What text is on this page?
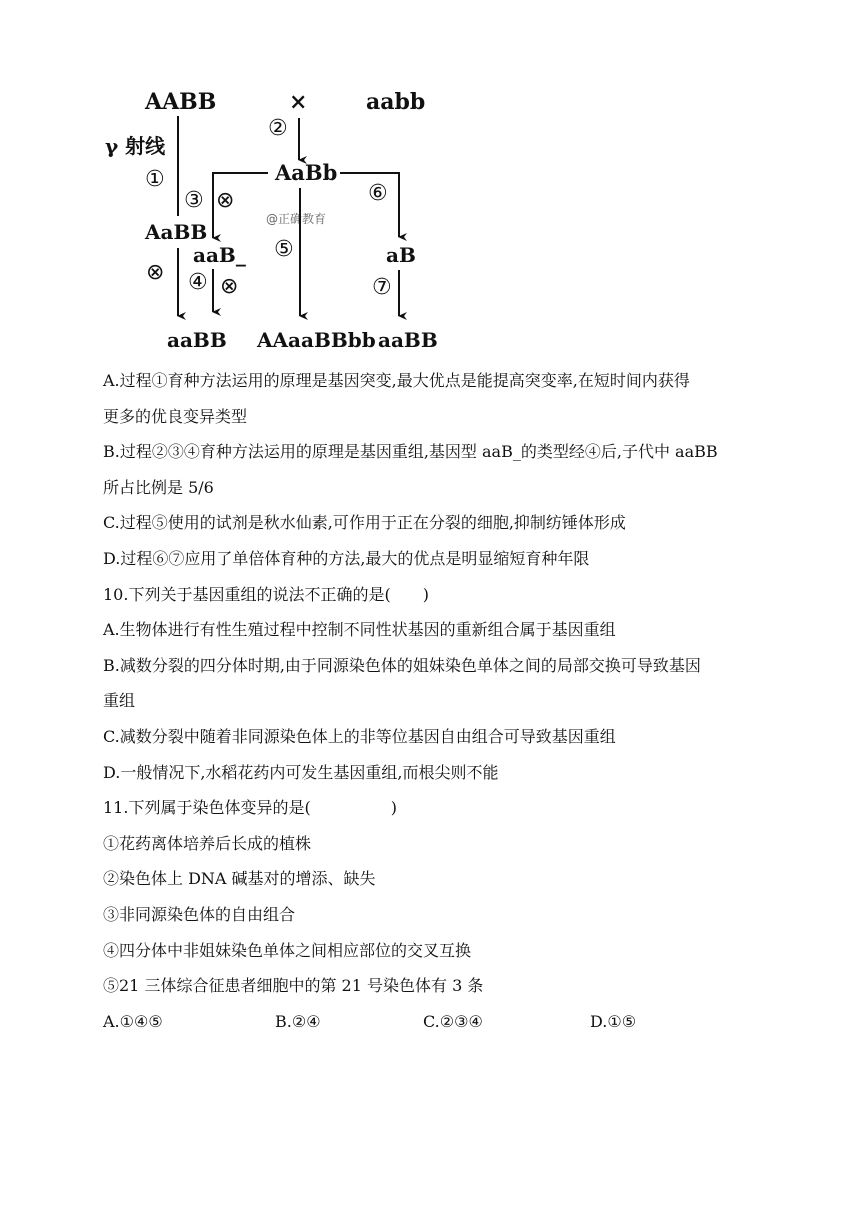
AABB	×	aabb
γ 射线
①
②
AaBb
③ ⊗
@正确教育
⑥
AaBB
aaB_ ⑤	aB
⊗ ④ ⊗	⑦
aaBB AAaaBBbb aaBB

A.过程①育种方法运用的原理是基因突变,最大优点是能提高突变率,在短时间内获得

更多的优良变异类型

B.过程②③④育种方法运用的原理是基因重组,基因型 aaB_的类型经④后,子代中 aaBB

所占比例是 5/6

C.过程⑤使用的试剂是秋水仙素,可作用于正在分裂的细胞,抑制纺锤体形成

D.过程⑥⑦应用了单倍体育种的方法,最大的优点是明显缩短育种年限

10.下列关于基因重组的说法不正确的是(　　)

A.生物体进行有性生殖过程中控制不同性状基因的重新组合属于基因重组

B.减数分裂的四分体时期,由于同源染色体的姐妹染色单体之间的局部交换可导致基因

重组

C.减数分裂中随着非同源染色体上的非等位基因自由组合可导致基因重组

D.一般情况下,水稻花药内可发生基因重组,而根尖则不能

11.下列属于染色体变异的是(　　　　　)

①花药离体培养后长成的植株

②染色体上 DNA 碱基对的增添、缺失

③非同源染色体的自由组合

④四分体中非姐妹染色单体之间相应部位的交叉互换

⑤21 三体综合征患者细胞中的第 21 号染色体有 3 条

A.①④⑤	B.②④	C.②③④	D.①⑤
